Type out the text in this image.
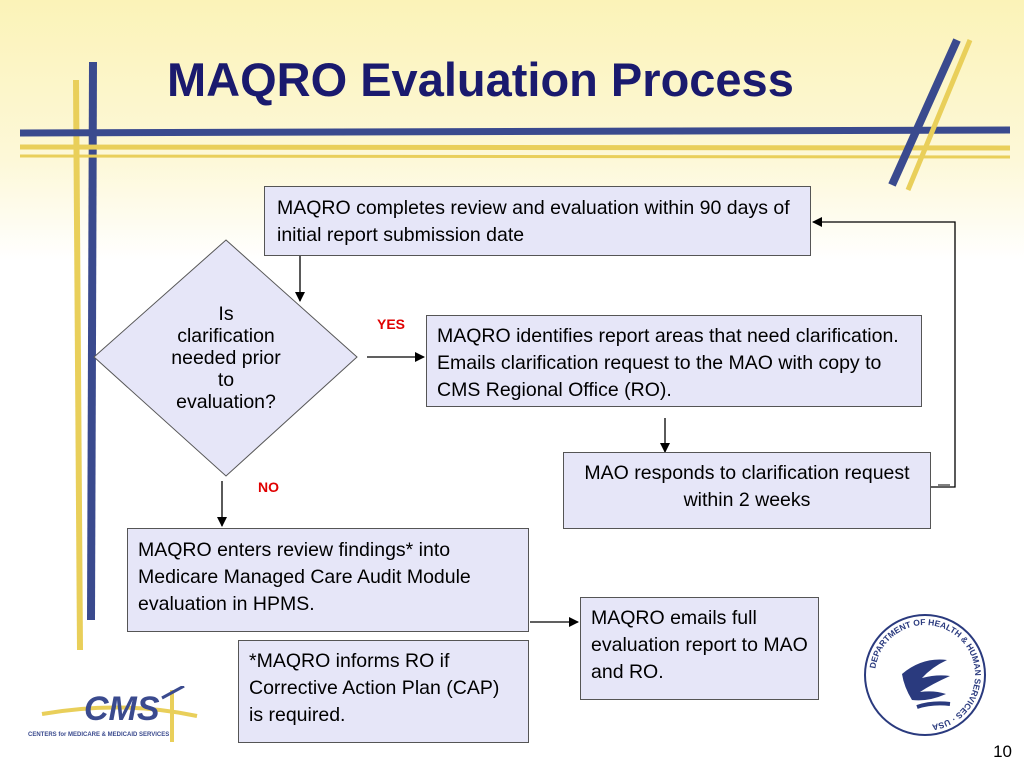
MAQRO Evaluation Process
MAQRO completes review and evaluation within 90 days of initial report submission date
Is clarification needed prior to evaluation?
YES
NO
MAQRO identifies report areas that need clarification. Emails clarification request to the MAO with copy to CMS Regional Office (RO).
MAO responds to clarification request within 2 weeks
MAQRO enters review findings* into Medicare Managed Care Audit Module evaluation in HPMS.
MAQRO emails full evaluation report to MAO and RO.
*MAQRO informs RO if Corrective Action Plan (CAP) is required.
CMS
CENTERS for MEDICARE & MEDICAID SERVICES
DEPARTMENT OF HEALTH & HUMAN SERVICES · USA
10
